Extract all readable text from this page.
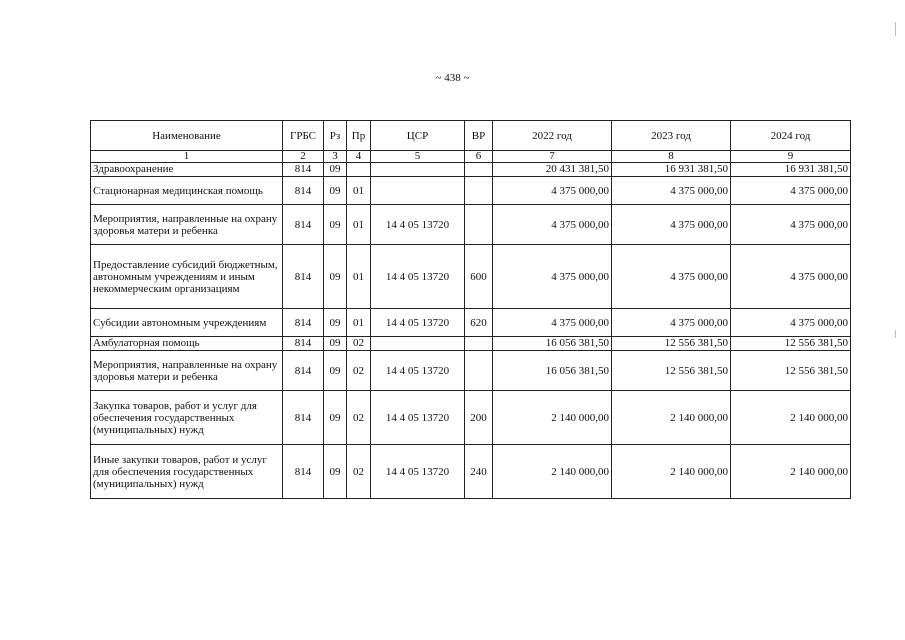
~ 438 ~
Наименование	ГРБС	Рз	Пр	ЦСР	ВР	2022 год	2023 год	2024 год
1	2	3	4	5	6	7	8	9
Здравоохранение	814	09				20 431 381,50	16 931 381,50	16 931 381,50
Стационарная медицинская помощь	814	09	01			4 375 000,00	4 375 000,00	4 375 000,00
Мероприятия, направленные на охрану здоровья матери и ребенка	814	09	01	14 4 05 13720		4 375 000,00	4 375 000,00	4 375 000,00
Предоставление субсидий бюджетным, автономным учреждениям и иным некоммерческим организациям	814	09	01	14 4 05 13720	600	4 375 000,00	4 375 000,00	4 375 000,00
Субсидии автономным учреждениям	814	09	01	14 4 05 13720	620	4 375 000,00	4 375 000,00	4 375 000,00
Амбулаторная помощь	814	09	02			16 056 381,50	12 556 381,50	12 556 381,50
Мероприятия, направленные на охрану здоровья матери и ребенка	814	09	02	14 4 05 13720		16 056 381,50	12 556 381,50	12 556 381,50
Закупка товаров, работ и услуг для обеспечения государственных (муниципальных) нужд	814	09	02	14 4 05 13720	200	2 140 000,00	2 140 000,00	2 140 000,00
Иные закупки товаров, работ и услуг для обеспечения государственных (муниципальных) нужд	814	09	02	14 4 05 13720	240	2 140 000,00	2 140 000,00	2 140 000,00
